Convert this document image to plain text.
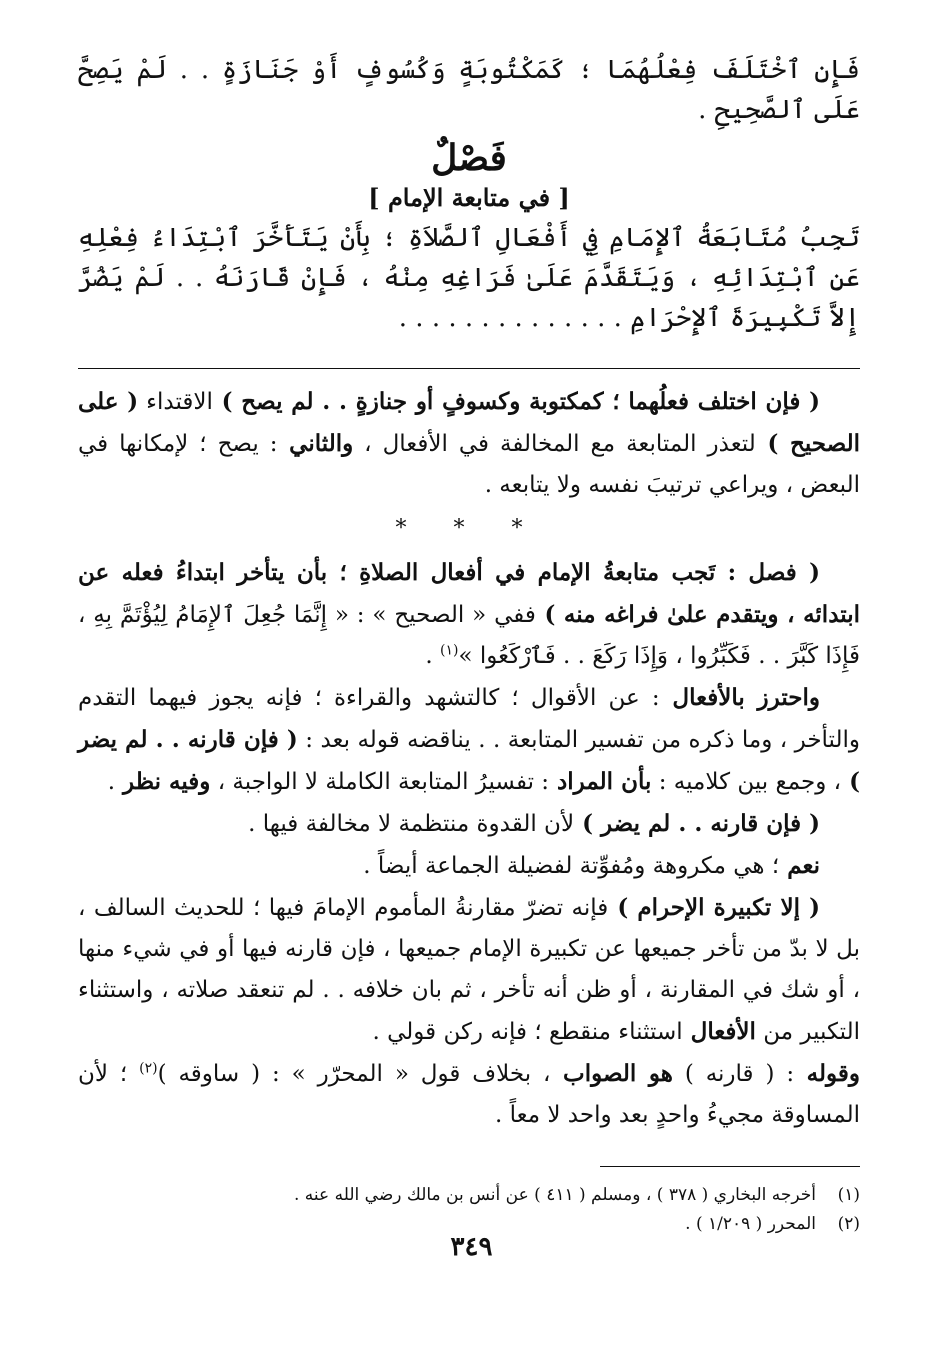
فَإِنِ ٱخْتَلَفَ فِعْلُهُمَا ؛ كَمَكْتُوبَةٍ وَكُسُوفٍ أَوْ جَنَازَةٍ . . لَمْ يَصِحَّ عَلَى ٱلصَّحِيحِ .

فَصْلٌ
[ في متابعة الإمام ]

تَجِبُ مُتَابَعَةُ ٱلإِمَامِ فِي أَفْعَالِ ٱلصَّلاَةِ ؛ بِأَنْ يَتَأَخَّرَ ٱبْتِدَاءُ فِعْلِهِ عَنِ ٱبْتِدَائِهِ ، وَيَتَقَدَّمَ عَلَىٰ فَرَاغِهِ مِنْهُ ، فَإِنْ قَارَنَهُ . . لَمْ يَضُرَّ إِلاَّ تَكْبِيرَةَ ٱلإِحْرَامِ . . . . . . . . . . . . . .

( فإن اختلف فعلُهما ؛ كمكتوبة وكسوفٍ أو جنازةٍ . . لم يصح ) الاقتداء ( على الصحيح ) لتعذر المتابعة مع المخالفة في الأفعال ، والثاني : يصح ؛ لإمكانها في البعض ، ويراعي ترتيبَ نفسه ولا يتابعه .

* * *

( فصل : تَجب متابعةُ الإمام في أفعال الصلاةِ ؛ بأن يتأخر ابتداءُ فعله عن ابتدائه ، ويتقدم علىٰ فراغه منه ) ففي « الصحيح » : « إِنَّمَا جُعِلَ ٱلإِمَامُ لِيُؤْتَمَّ بِهِ ، فَإِذَا كَبَّرَ . . فَكَبِّرُوا ، وَإِذَا رَكَعَ . . فَٱرْكَعُوا »$^{(١)}$ .

واحترز بالأفعال : عن الأقوال ؛ كالتشهد والقراءة ؛ فإنه يجوز فيهما التقدم والتأخر ، وما ذكره من تفسير المتابعة . . يناقضه قوله بعد : ( فإن قارنه . . لم يضر ) ، وجمع بين كلاميه : بأن المراد : تفسيرُ المتابعة الكاملة لا الواجبة ، وفيه نظر .

( فإن قارنه . . لم يضر ) لأن القدوة منتظمة لا مخالفة فيها .

نعم ؛ هي مكروهة ومُفوِّتة لفضيلة الجماعة أيضاً .

( إلا تكبيرة الإحرام ) فإنه تضرّ مقارنةُ المأموم الإمامَ فيها ؛ للحديث السالف ، بل لا بدّ من تأخر جميعها عن تكبيرة الإمام جميعها ، فإن قارنه فيها أو في شيء منها ، أو شك في المقارنة ، أو ظن أنه تأخر ، ثم بان خلافه . . لم تنعقد صلاته ، واستثناء التكبير من الأفعال استثناء منقطع ؛ فإنه ركن قولي .

وقوله : ( قارنه ) هو الصواب ، بخلاف قول « المحرّر » : ( ساوقه )$^{(٢)}$ ؛ لأن المساوقة مجيءُ واحدٍ بعد واحد لا معاً .

(١)أخرجه البخاري ( ٣٧٨ ) ، ومسلم ( ٤١١ ) عن أنس بن مالك رضي الله عنه .

(٢)المحرر ( ١/٢٠٩ ) .

٣٤٩
